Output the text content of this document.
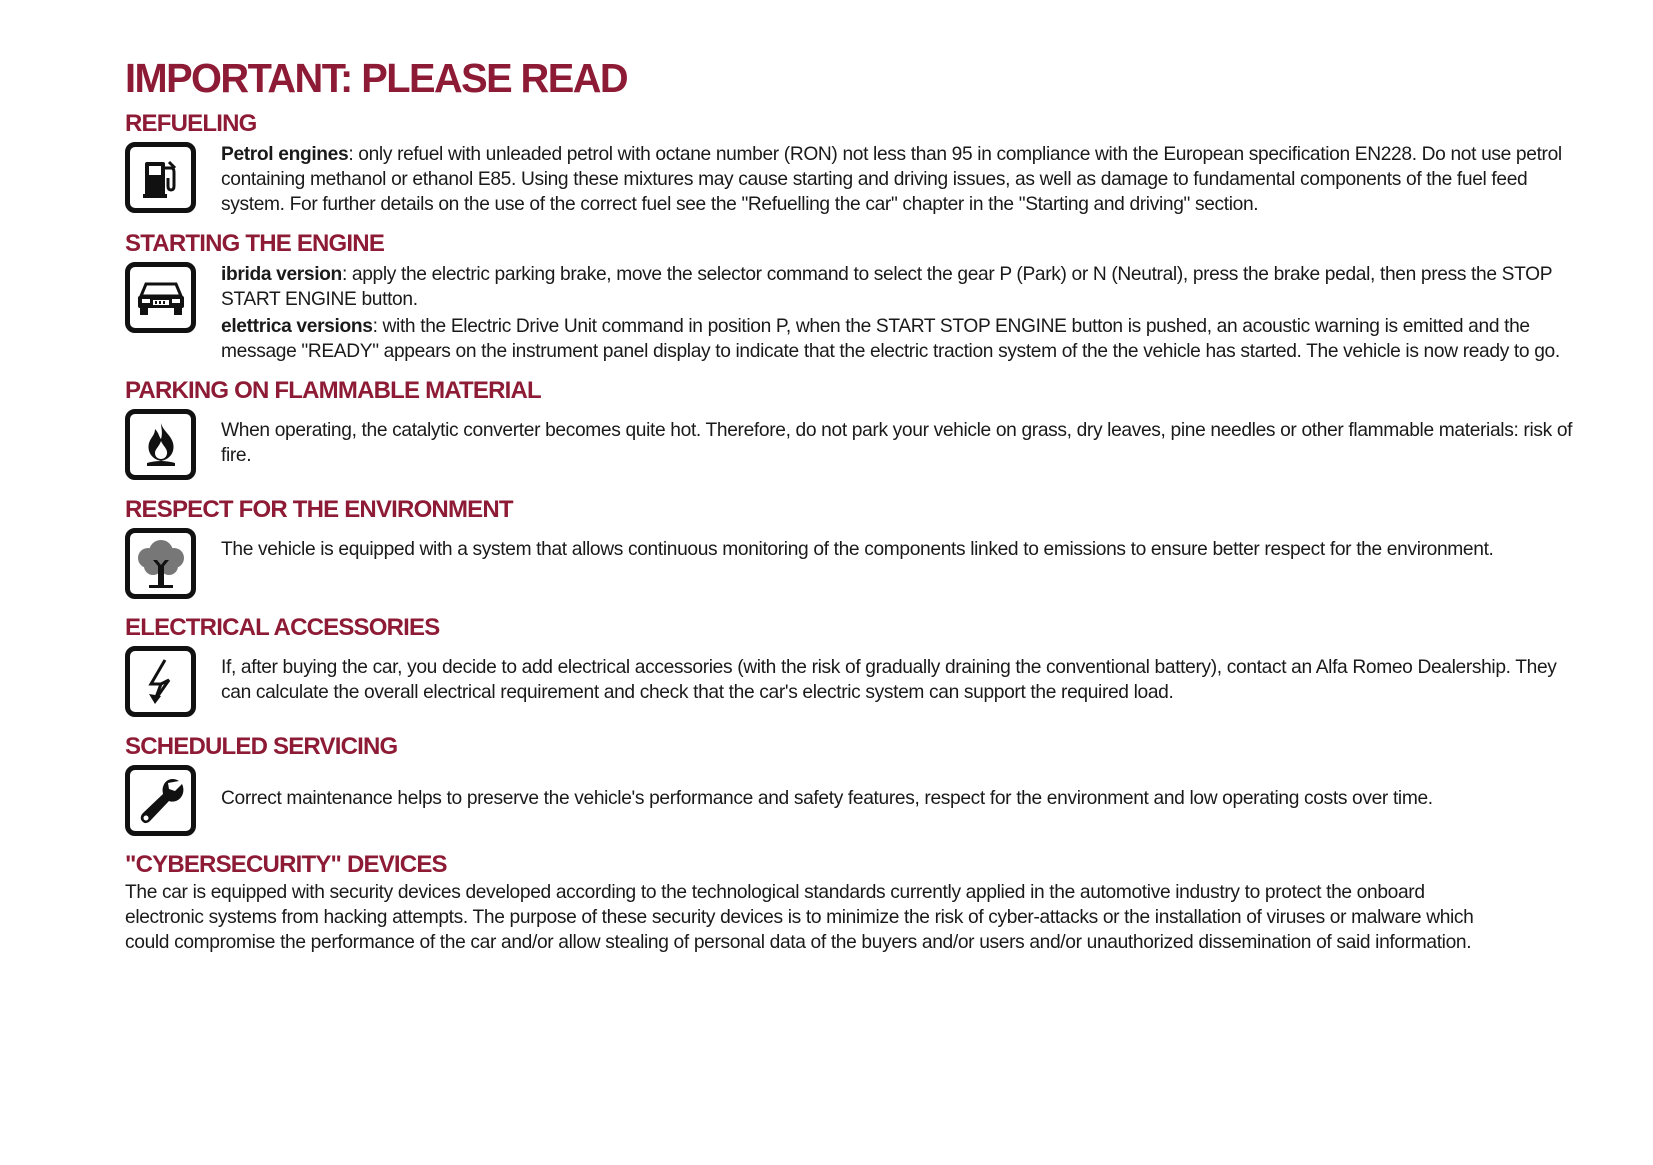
IMPORTANT: PLEASE READ
REFUELING

Petrol engines: only refuel with unleaded petrol with octane number (RON) not less than 95 in compliance with the European specification EN228. Do not use petrol containing methanol or ethanol E85. Using these mixtures may cause starting and driving issues, as well as damage to fundamental components of the fuel feed system. For further details on the use of the correct fuel see the "Refuelling the car" chapter in the "Starting and driving" section.

STARTING THE ENGINE

ibrida version: apply the electric parking brake, move the selector command to select the gear P (Park) or N (Neutral), press the brake pedal, then press the STOP START ENGINE button.

elettrica versions: with the Electric Drive Unit command in position P, when the START STOP ENGINE button is pushed, an acoustic warning is emitted and the message "READY" appears on the instrument panel display to indicate that the electric traction system of the the vehicle has started. The vehicle is now ready to go.

PARKING ON FLAMMABLE MATERIAL

When operating, the catalytic converter becomes quite hot. Therefore, do not park your vehicle on grass, dry leaves, pine needles or other flammable materials: risk of fire.

RESPECT FOR THE ENVIRONMENT

The vehicle is equipped with a system that allows continuous monitoring of the components linked to emissions to ensure better respect for the environment.

ELECTRICAL ACCESSORIES

If, after buying the car, you decide to add electrical accessories (with the risk of gradually draining the conventional battery), contact an Alfa Romeo Dealership. They can calculate the overall electrical requirement and check that the car's electric system can support the required load.

SCHEDULED SERVICING

Correct maintenance helps to preserve the vehicle's performance and safety features, respect for the environment and low operating costs over time.

"CYBERSECURITY" DEVICES

The car is equipped with security devices developed according to the technological standards currently applied in the automotive industry to protect the onboard electronic systems from hacking attempts. The purpose of these security devices is to minimize the risk of cyber-attacks or the installation of viruses or malware which could compromise the performance of the car and/or allow stealing of personal data of the buyers and/or users and/or unauthorized dissemination of said information.
